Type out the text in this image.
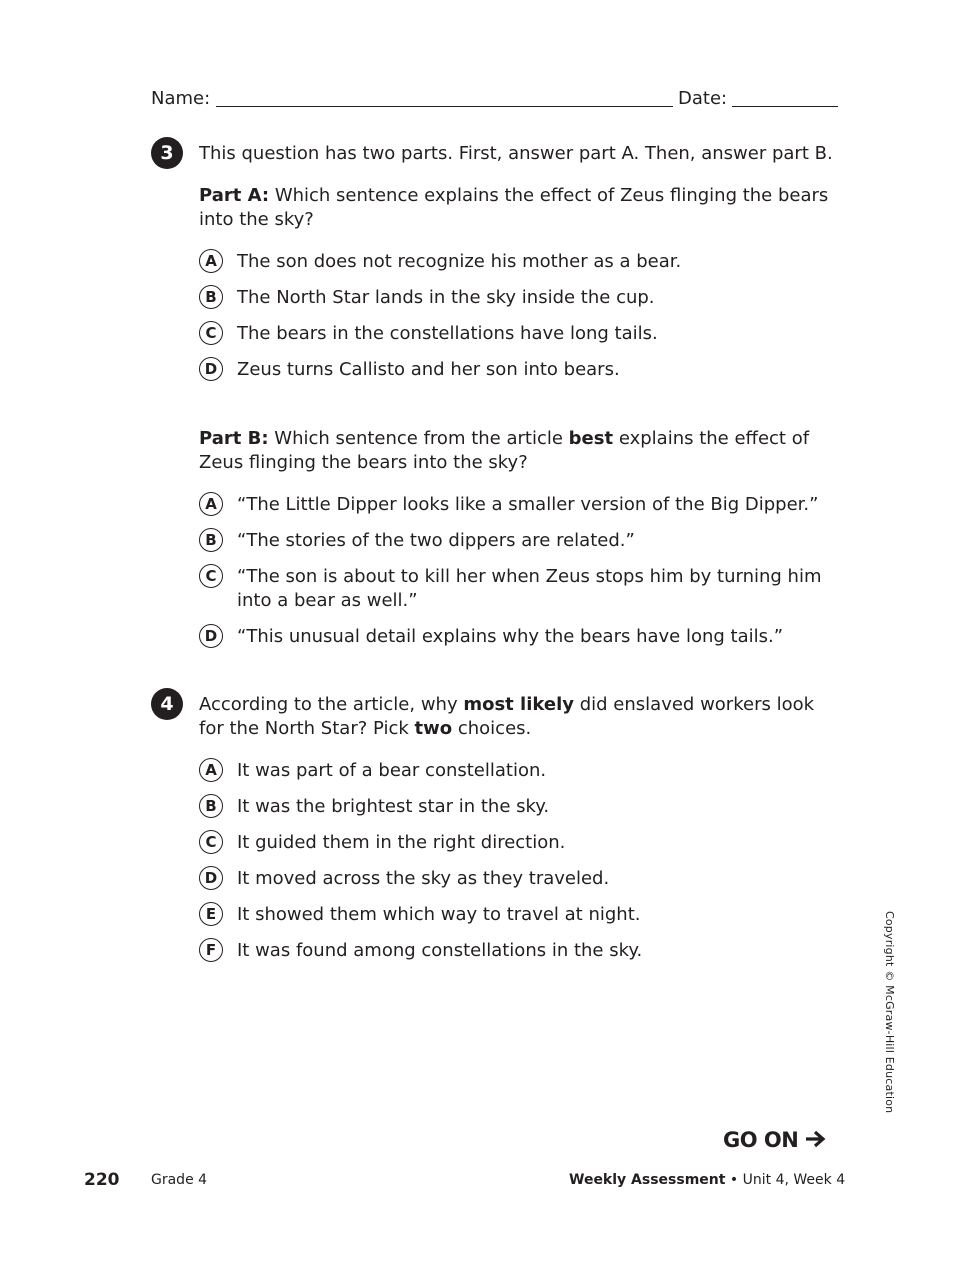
Name:	Date:
3	This question has two parts. First, answer part A. Then, answer part B.
Part A: Which sentence explains the effect of Zeus flinging the bears into the sky?
A	The son does not recognize his mother as a bear.
B	The North Star lands in the sky inside the cup.
C	The bears in the constellations have long tails.
D	Zeus turns Callisto and her son into bears.
Part B: Which sentence from the article best explains the effect of Zeus flinging the bears into the sky?
A	“The Little Dipper looks like a smaller version of the Big Dipper.”
B	“The stories of the two dippers are related.”
C	“The son is about to kill her when Zeus stops him by turning him into a bear as well.”
D	“This unusual detail explains why the bears have long tails.”
4	According to the article, why most likely did enslaved workers look for the North Star? Pick two choices.
A	It was part of a bear constellation.
B	It was the brightest star in the sky.
C	It guided them in the right direction.
D	It moved across the sky as they traveled.
E	It showed them which way to travel at night.
F	It was found among constellations in the sky.	Copyright © McGraw-Hill Education
GO ON
220 Grade 4	Weekly Assessment • Unit 4, Week 4
